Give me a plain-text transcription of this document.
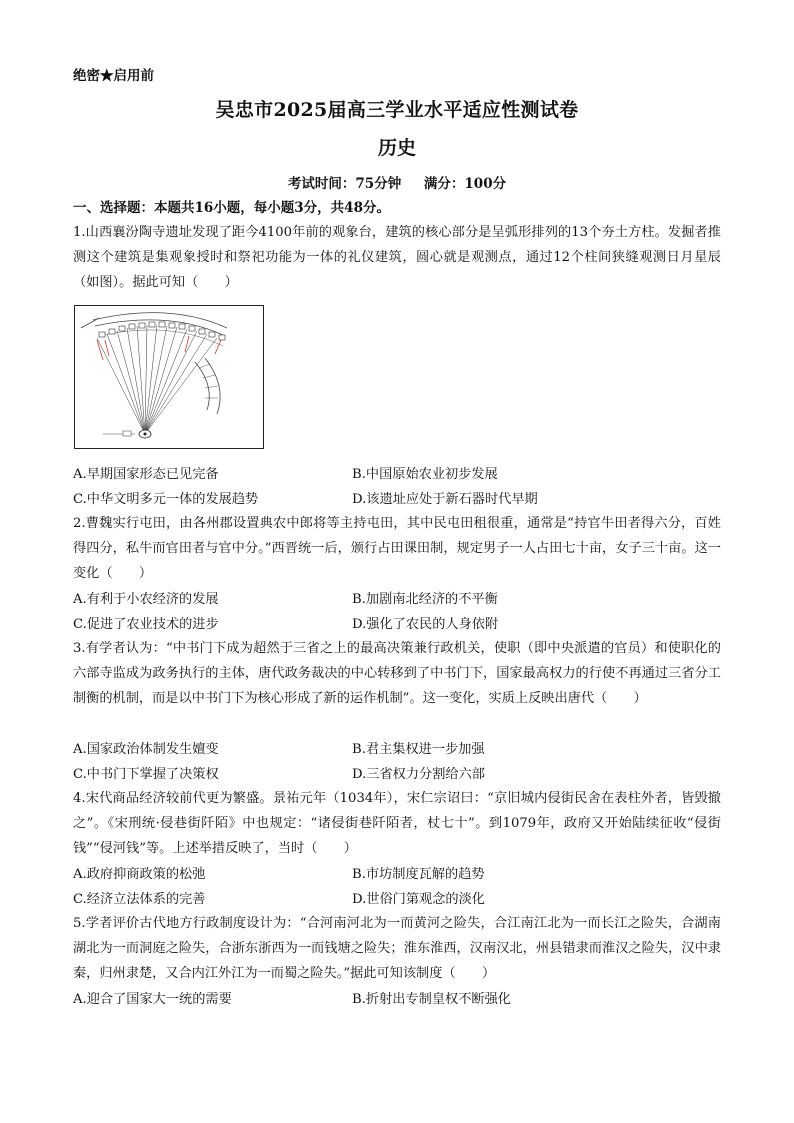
绝密★启用前
吴忠市2025届高三学业水平适应性测试卷
历史
考试时间：75分钟 满分：100分
一、选择题：本题共16小题，每小题3分，共48分。
1.山西襄汾陶寺遗址发现了距今4100年前的观象台，建筑的核心部分是呈弧形排列的13个夯土方柱。发掘者推测这个建筑是集观象授时和祭祀功能为一体的礼仪建筑，圆心就是观测点，通过12个柱间狭缝观测日月星辰（如图）。据此可知（　　）
A.早期国家形态已见完备	B.中国原始农业初步发展
C.中华文明多元一体的发展趋势	D.该遗址应处于新石器时代早期
2.曹魏实行屯田，由各州郡设置典农中郎将等主持屯田，其中民屯田租很重，通常是“持官牛田者得六分，百姓得四分，私牛而官田者与官中分。”西晋统一后，颁行占田课田制，规定男子一人占田七十亩，女子三十亩。这一变化（　　）
A.有利于小农经济的发展	B.加剧南北经济的不平衡
C.促进了农业技术的进步	D.强化了农民的人身依附
3.有学者认为：“中书门下成为超然于三省之上的最高决策兼行政机关，使职（即中央派遣的官员）和使职化的六部寺监成为政务执行的主体，唐代政务裁决的中心转移到了中书门下，国家最高权力的行使不再通过三省分工制衡的机制，而是以中书门下为核心形成了新的运作机制”。这一变化，实质上反映出唐代（　　）
A.国家政治体制发生嬗变	B.君主集权进一步加强
C.中书门下掌握了决策权	D.三省权力分割给六部
4.宋代商品经济较前代更为繁盛。景祐元年（1034年），宋仁宗诏曰：“京旧城内侵街民舍在表柱外者，皆毁撤之”。《宋刑统·侵巷街阡陌》中也规定：“诸侵街巷阡陌者，杖七十”。到1079年，政府又开始陆续征收“侵街钱”“侵河钱”等。上述举措反映了，当时（　　）
A.政府抑商政策的松弛	B.市坊制度瓦解的趋势
C.经济立法体系的完善	D.世俗门第观念的淡化
5.学者评价古代地方行政制度设计为：“合河南河北为一而黄河之险失，合江南江北为一而长江之险失，合湖南湖北为一而洞庭之险失，合浙东浙西为一而钱塘之险失；淮东淮西，汉南汉北，州县错隶而淮汉之险失，汉中隶秦，归州隶楚，又合内江外江为一而蜀之险失。”据此可知该制度（　　）
A.迎合了国家大一统的需要	B.折射出专制皇权不断强化
